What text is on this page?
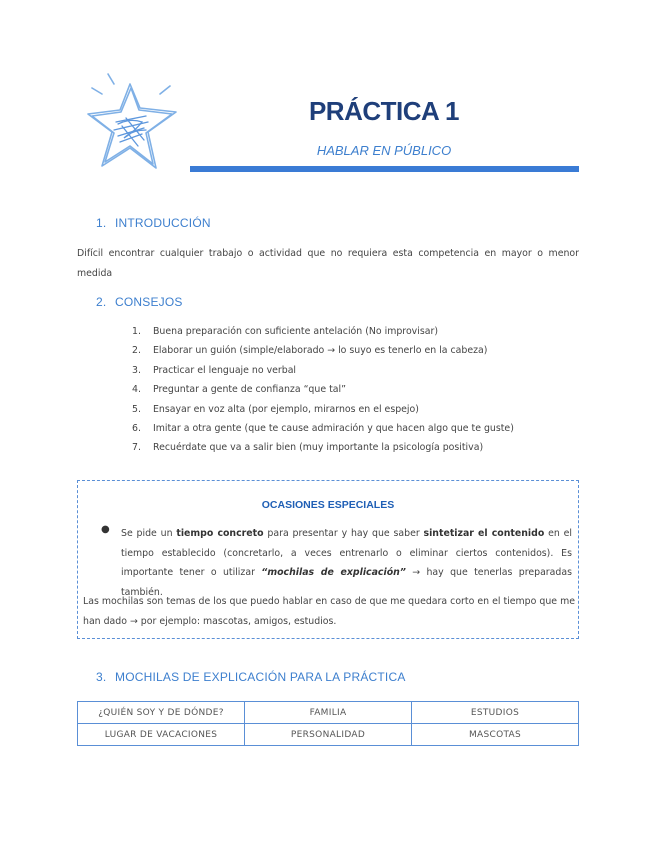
PRÁCTICA 1
HABLAR EN PÚBLICO
1. INTRODUCCIÓN
Difícil encontrar cualquier trabajo o actividad que no requiera esta competencia en mayor o menor medida
2. CONSEJOS
1. Buena preparación con suficiente antelación (No improvisar)
2. Elaborar un guión (simple/elaborado → lo suyo es tenerlo en la cabeza)
3. Practicar el lenguaje no verbal
4. Preguntar a gente de confianza “que tal”
5. Ensayar en voz alta (por ejemplo, mirarnos en el espejo)
6. Imitar a otra gente (que te cause admiración y que hacen algo que te guste)
7. Recuérdate que va a salir bien (muy importante la psicología positiva)
OCASIONES ESPECIALES
● Se pide un tiempo concreto para presentar y hay que saber sintetizar el contenido en el tiempo establecido (concretarlo, a veces entrenarlo o eliminar ciertos contenidos). Es importante tener o utilizar “mochilas de explicación” → hay que tenerlas preparadas también.
Las mochilas son temas de los que puedo hablar en caso de que me quedara corto en el tiempo que me han dado → por ejemplo: mascotas, amigos, estudios.
3. MOCHILAS DE EXPLICACIÓN PARA LA PRÁCTICA
¿QUIÉN SOY Y DE DÓNDE?	FAMILIA	ESTUDIOS
LUGAR DE VACACIONES	PERSONALIDAD	MASCOTAS
